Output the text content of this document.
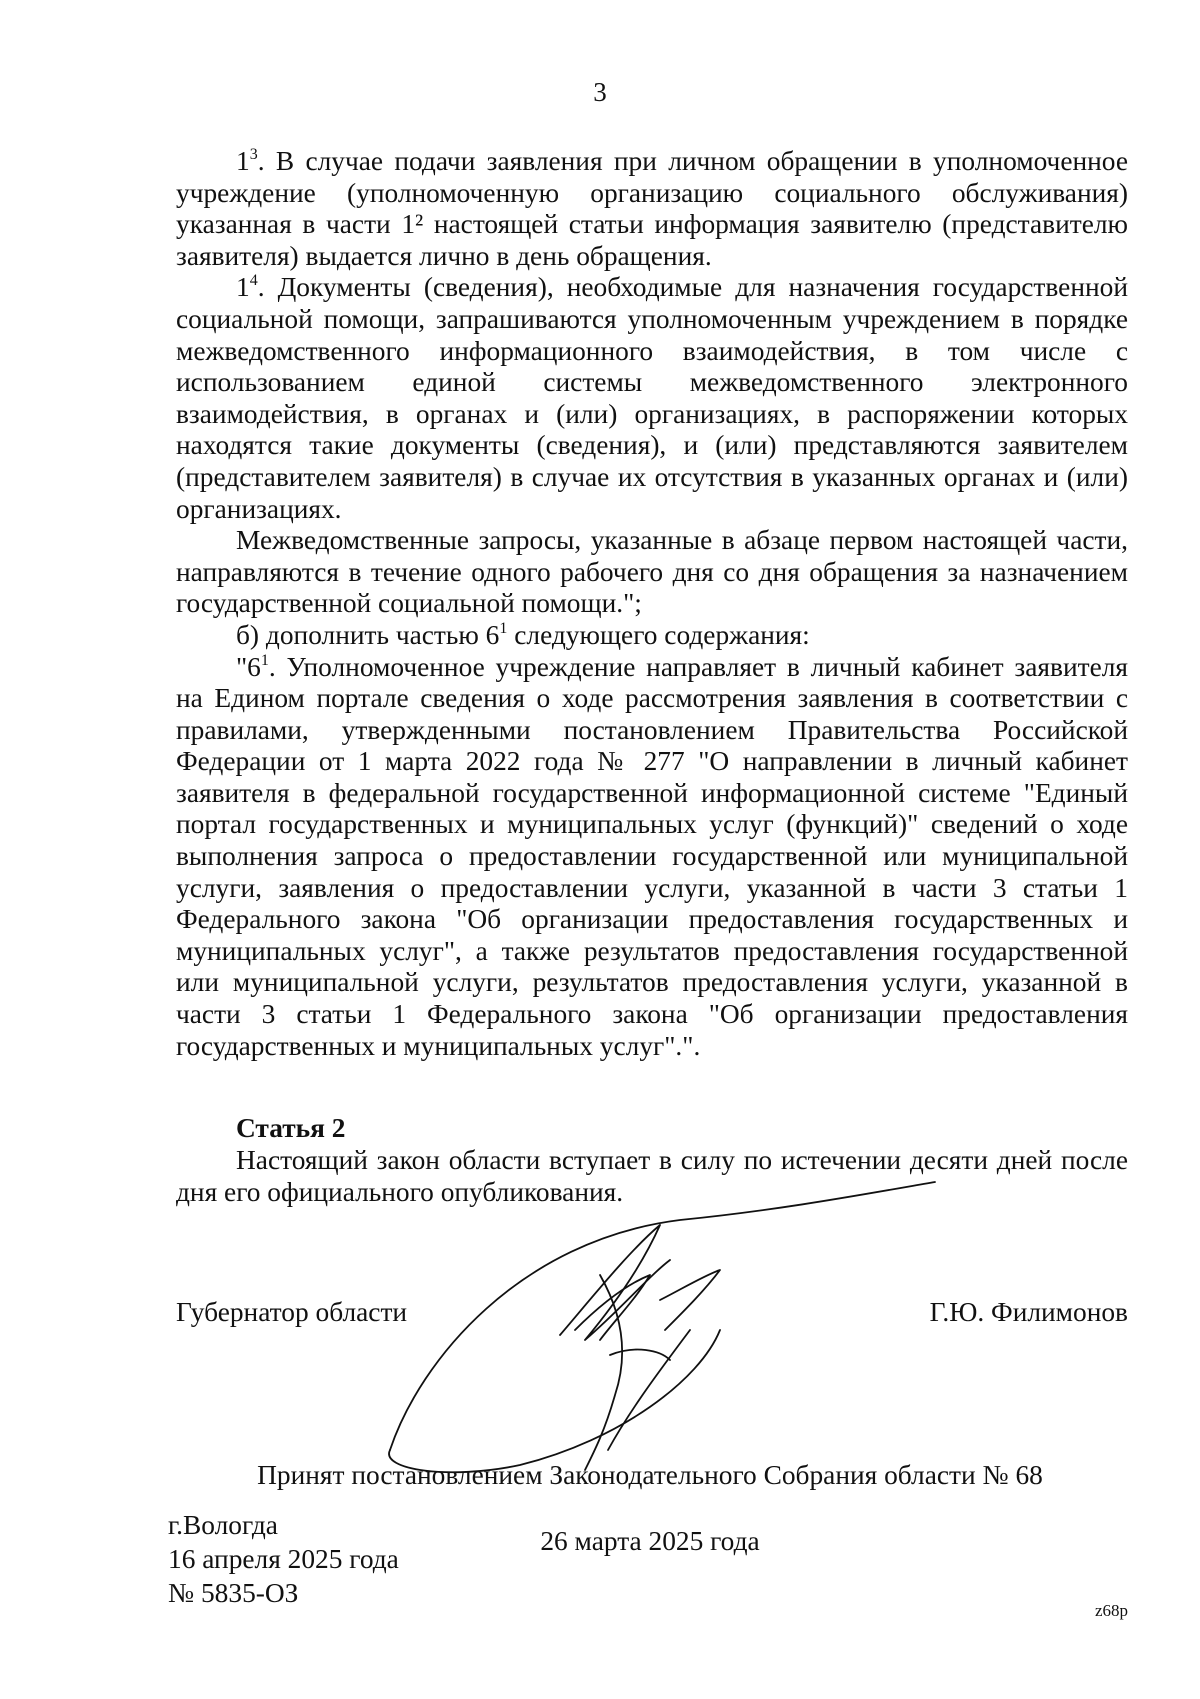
3

$1^3$. В случае подачи заявления при личном обращении в уполномоченное учреждение (уполномоченную организацию социального обслуживания) указанная в части 1² настоящей статьи информация заявителю (представителю заявителя) выдается лично в день обращения.

$1^4$. Документы (сведения), необходимые для назначения государственной социальной помощи, запрашиваются уполномоченным учреждением в порядке межведомственного информационного взаимодействия, в том числе с использованием единой системы межведомственного электронного взаимодействия, в органах и (или) организациях, в распоряжении которых находятся такие документы (сведения), и (или) представляются заявителем (представителем заявителя) в случае их отсутствия в указанных органах и (или) организациях.

Межведомственные запросы, указанные в абзаце первом настоящей части, направляются в течение одного рабочего дня со дня обращения за назначением государственной социальной помощи.";

б) дополнить частью $6^1$ следующего содержания:

"$6^1$. Уполномоченное учреждение направляет в личный кабинет заявителя на Едином портале сведения о ходе рассмотрения заявления в соответствии с правилами, утвержденными постановлением Правительства Российской Федерации от 1 марта 2022 года № 277 "О направлении в личный кабинет заявителя в федеральной государственной информационной системе "Единый портал государственных и муниципальных услуг (функций)" сведений о ходе выполнения запроса о предоставлении государственной или муниципальной услуги, заявления о предоставлении услуги, указанной в части 3 статьи 1 Федерального закона "Об организации предоставления государственных и муниципальных услуг", а также результатов предоставления государственной или муниципальной услуги, результатов предоставления услуги, указанной в части 3 статьи 1 Федерального закона "Об организации предоставления государственных и муниципальных услуг".".

Статья 2

Настоящий закон области вступает в силу по истечении десяти дней после дня его официального опубликования.

Губернатор области	Г.Ю. Филимонов

Принят постановлением Законодательного Собрания области № 68

26 марта 2025 года

г.Вологда
16 апреля 2025 года
№ 5835-ОЗ
z68p
